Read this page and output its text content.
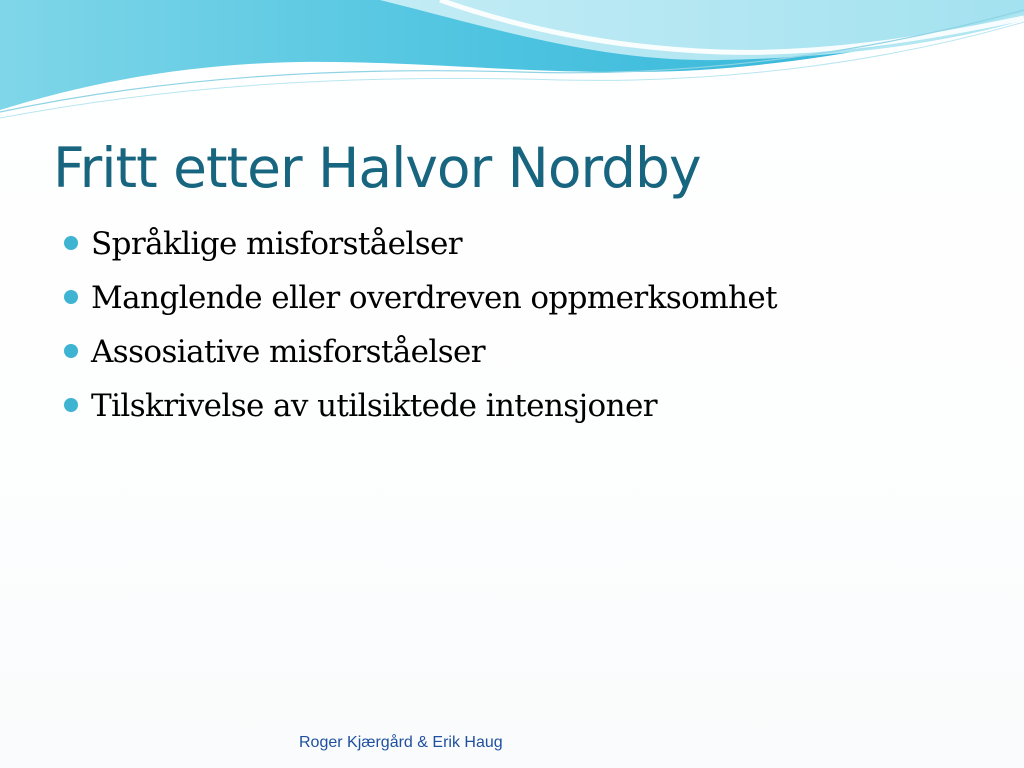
Fritt etter Halvor Nordby
Språklige misforståelser
Manglende eller overdreven oppmerksomhet
Assosiative misforståelser
Tilskrivelse av utilsiktede intensjoner
Roger Kjærgård & Erik Haug
